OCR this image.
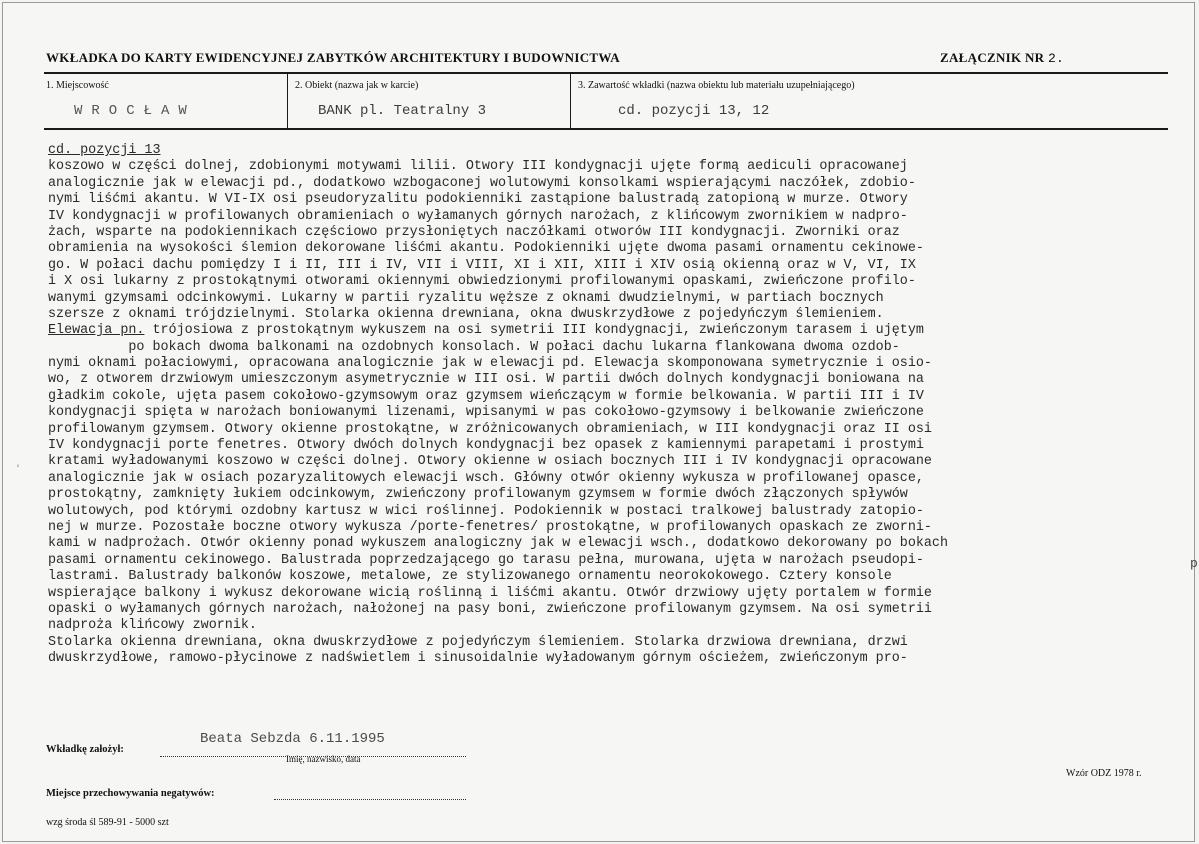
WKŁADKA DO KARTY EWIDENCYJNEJ ZABYTKÓW ARCHITEKTURY I BUDOWNICTWA	ZAŁĄCZNIK NR 2.
1. Miejscowość	2. Obiekt (nazwa jak w karcie)	3. Zawartość wkładki (nazwa obiektu lub materiału uzupełniającego)
WROCŁAW	BANK pl. Teatralny 3	cd. pozycji 13, 12
cd. pozycji 13
koszowo w części dolnej, zdobionymi motywami lilii. Otwory III kondygnacji ujęte formą aediculi opracowanej
analogicznie jak w elewacji pd., dodatkowo wzbogaconej wolutowymi konsolkami wspierającymi naczółek, zdobio-
nymi liśćmi akantu. W VI-IX osi pseudoryzalitu podokienniki zastąpione balustradą zatopioną w murze. Otwory
IV kondygnacji w profilowanych obramieniach o wyłamanych górnych narożach, z klińcowym zwornikiem w nadpro-
żach, wsparte na podokiennikach częściowo przysłoniętych naczółkami otworów III kondygnacji. Zworniki oraz
obramienia na wysokości ślemion dekorowane liśćmi akantu. Podokienniki ujęte dwoma pasami ornamentu cekinowe-
go. W połaci dachu pomiędzy I i II, III i IV, VII i VIII, XI i XII, XIII i XIV osią okienną oraz w V, VI, IX
i X osi lukarny z prostokątnymi otworami okiennymi obwiedzionymi profilowanymi opaskami, zwieńczone profilo-
wanymi gzymsami odcinkowymi. Lukarny w partii ryzalitu węższe z oknami dwudzielnymi, w partiach bocznych
szersze z oknami trójdzielnymi. Stolarka okienna drewniana, okna dwuskrzydłowe z pojedyńczym ślemieniem.
Elewacja pn. trójosiowa z prostokątnym wykuszem na osi symetrii III kondygnacji, zwieńczonym tarasem i ujętym
po bokach dwoma balkonami na ozdobnych konsolach. W połaci dachu lukarna flankowana dwoma ozdob-
nymi oknami połaciowymi, opracowana analogicznie jak w elewacji pd. Elewacja skomponowana symetrycznie i osio-
wo, z otworem drzwiowym umieszczonym asymetrycznie w III osi. W partii dwóch dolnych kondygnacji boniowana na
gładkim cokole, ujęta pasem cokołowo-gzymsowym oraz gzymsem wieńczącym w formie belkowania. W partii III i IV
kondygnacji spięta w narożach boniowanymi lizenami, wpisanymi w pas cokołowo-gzymsowy i belkowanie zwieńczone
profilowanym gzymsem. Otwory okienne prostokątne, w zróżnicowanych obramieniach, w III kondygnacji oraz II osi
IV kondygnacji porte fenetres. Otwory dwóch dolnych kondygnacji bez opasek z kamiennymi parapetami i prostymi
kratami wyładowanymi koszowo w części dolnej. Otwory okienne w osiach bocznych III i IV kondygnacji opracowane
analogicznie jak w osiach pozaryzalitowych elewacji wsch. Główny otwór okienny wykusza w profilowanej opasce,
prostokątny, zamknięty łukiem odcinkowym, zwieńczony profilowanym gzymsem w formie dwóch złączonych spływów
wolutowych, pod którymi ozdobny kartusz w wici roślinnej. Podokiennik w postaci tralkowej balustrady zatopio-
nej w murze. Pozostałe boczne otwory wykusza /porte-fenetres/ prostokątne, w profilowanych opaskach ze zworni-
kami w nadprożach. Otwór okienny ponad wykuszem analogiczny jak w elewacji wsch., dodatkowo dekorowany po bokach
pasami ornamentu cekinowego. Balustrada poprzedzającego go tarasu pełna, murowana, ujęta w narożach pseudopi-
lastrami. Balustrady balkonów koszowe, metalowe, ze stylizowanego ornamentu neorokokowego. Cztery konsole
wspierające balkony i wykusz dekorowane wicią roślinną i liśćmi akantu. Otwór drzwiowy ujęty portalem w formie
opaski o wyłamanych górnych narożach, nałożonej na pasy boni, zwieńczone profilowanym gzymsem. Na osi symetrii
nadproża klińcowy zwornik.
Stolarka okienna drewniana, okna dwuskrzydłowe z pojedyńczym ślemieniem. Stolarka drzwiowa drewniana, drzwi
dwuskrzydłowe, ramowo-płycinowe z nadświetlem i sinusoidalnie wyładowanym górnym ościeżem, zwieńczonym pro-
p
‘
Wkładkę założył:
Beata Sebzda 6.11.1995
Imię, nazwisko, data
Wzór ODZ 1978 r.
Miejsce przechowywania negatywów:
wzg środa śl 589-91 - 5000 szt
